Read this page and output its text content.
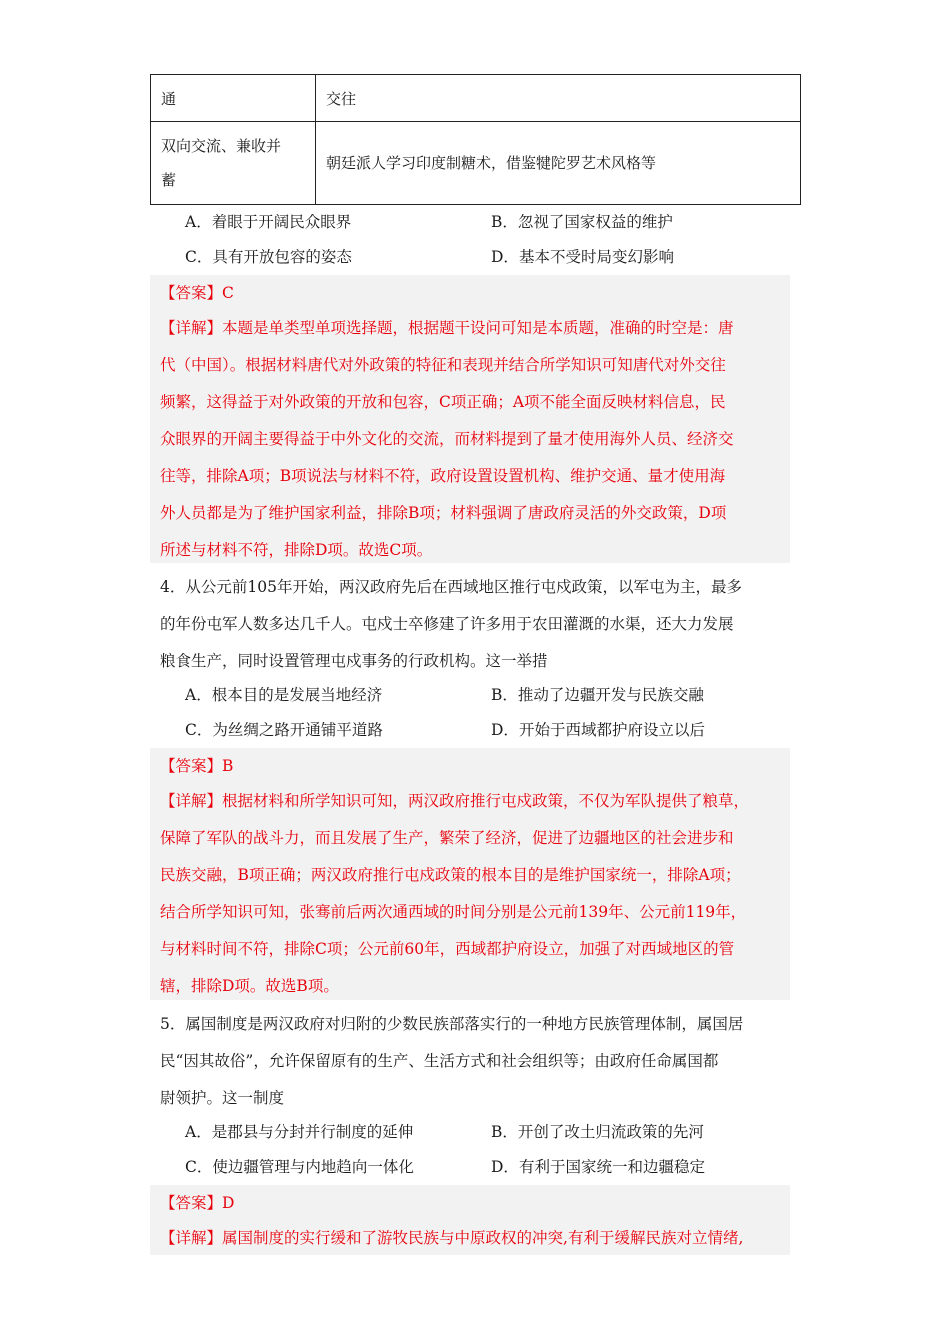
通	交往
双向交流、兼收并
蓄	朝廷派人学习印度制糖术，借鉴犍陀罗艺术风格等
A．着眼于开阔民众眼界	B．忽视了国家权益的维护
C．具有开放包容的姿态	D．基本不受时局变幻影响
【答案】C
【详解】本题是单类型单项选择题，根据题干设问可知是本质题，准确的时空是：唐
代（中国）。根据材料唐代对外政策的特征和表现并结合所学知识可知唐代对外交往
频繁，这得益于对外政策的开放和包容，C项正确；A项不能全面反映材料信息，民
众眼界的开阔主要得益于中外文化的交流，而材料提到了量才使用海外人员、经济交
往等，排除A项；B项说法与材料不符，政府设置设置机构、维护交通、量才使用海
外人员都是为了维护国家利益，排除B项；材料强调了唐政府灵活的外交政策，D项
所述与材料不符，排除D项。故选C项。
4．从公元前105年开始，两汉政府先后在西域地区推行屯戍政策，以军屯为主，最多
的年份屯军人数多达几千人。屯戍士卒修建了许多用于农田灌溉的水渠，还大力发展
粮食生产，同时设置管理屯戍事务的行政机构。这一举措
A．根本目的是发展当地经济	B．推动了边疆开发与民族交融
C．为丝绸之路开通铺平道路	D．开始于西域都护府设立以后
【答案】B
【详解】根据材料和所学知识可知，两汉政府推行屯戍政策，不仅为军队提供了粮草，
保障了军队的战斗力，而且发展了生产，繁荣了经济，促进了边疆地区的社会进步和
民族交融，B项正确；两汉政府推行屯戍政策的根本目的是维护国家统一，排除A项；
结合所学知识可知，张骞前后两次通西域的时间分别是公元前139年、公元前119年，
与材料时间不符，排除C项；公元前60年，西域都护府设立，加强了对西域地区的管
辖，排除D项。故选B项。
5．属国制度是两汉政府对归附的少数民族部落实行的一种地方民族管理体制，属国居
民“因其故俗”，允许保留原有的生产、生活方式和社会组织等；由政府任命属国都
尉领护。这一制度
A．是郡县与分封并行制度的延伸	B．开创了改土归流政策的先河
C．使边疆管理与内地趋向一体化	D．有利于国家统一和边疆稳定
【答案】D
【详解】属国制度的实行缓和了游牧民族与中原政权的冲突,有利于缓解民族对立情绪,
